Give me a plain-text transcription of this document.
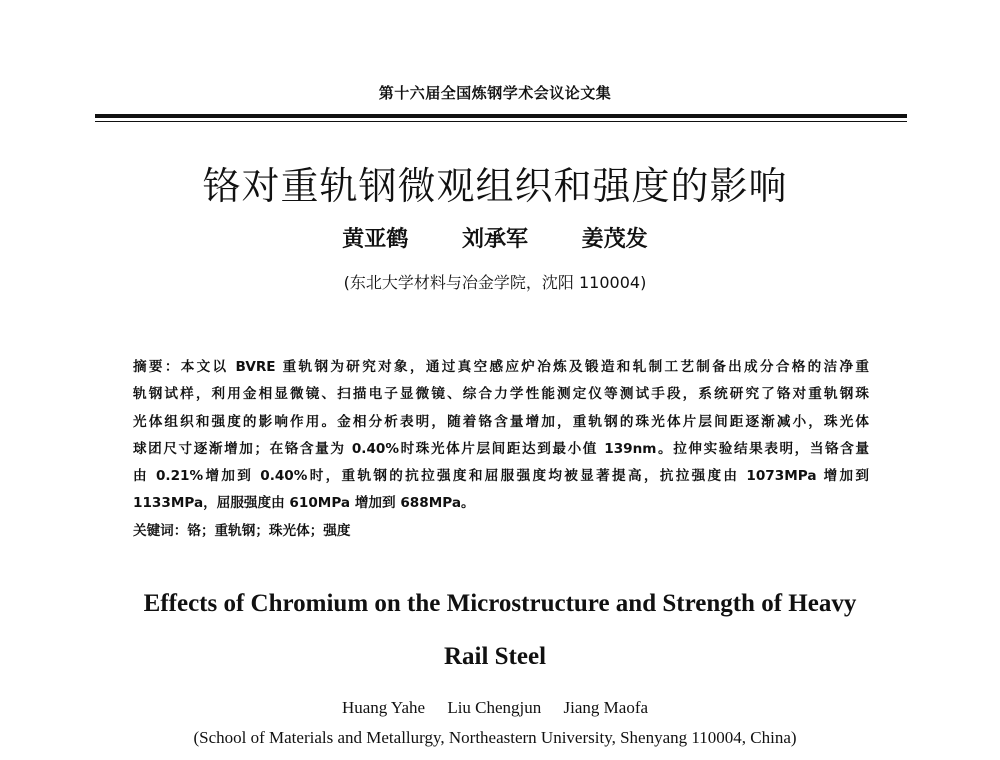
第十六届全国炼钢学术会议论文集
铬对重轨钢微观组织和强度的影响
黄亚鹤 刘承军 姜茂发
(东北大学材料与冶金学院，沈阳 110004)
摘要：本文以 BVRE 重轨钢为研究对象，通过真空感应炉冶炼及锻造和轧制工艺制备出成分合格的洁净重
轨钢试样，利用金相显微镜、扫描电子显微镜、综合力学性能测定仪等测试手段，系统研究了铬对重轨钢珠
光体组织和强度的影响作用。金相分析表明，随着铬含量增加，重轨钢的珠光体片层间距逐渐减小，珠光体
球团尺寸逐渐增加；在铬含量为 0.40%时珠光体片层间距达到最小值 139nm。拉伸实验结果表明，当铬含量
由 0.21%增加到 0.40%时，重轨钢的抗拉强度和屈服强度均被显著提高，抗拉强度由 1073MPa 增加到
1133MPa，屈服强度由 610MPa 增加到 688MPa。
关键词：铬；重轨钢；珠光体；强度
Effects of Chromium on the Microstructure and Strength of Heavy
Rail Steel
Huang Yahe Liu Chengjun Jiang Maofa
(School of Materials and Metallurgy, Northeastern University, Shenyang 110004, China)
